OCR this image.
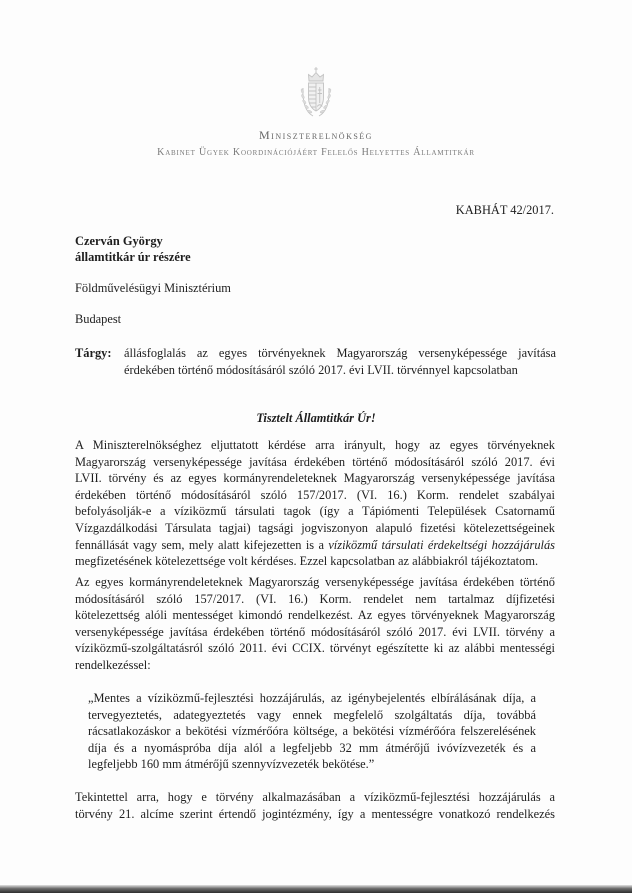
Miniszterelnökség
Kabinet Ügyek Koordinációjáért Felelős Helyettes Államtitkár
KABHÁT 42/2017.
Czerván György
államtitkár úr részére
Földművelésügyi Minisztérium
Budapest
Tárgy: állásfoglalás az egyes törvényeknek Magyarország versenyképessége javítása
érdekében történő módosításáról szóló 2017. évi LVII. törvénnyel kapcsolatban
Tisztelt Államtitkár Úr!
A Miniszterelnökséghez eljuttatott kérdése arra irányult, hogy az egyes törvényeknek
Magyarország versenyképessége javítása érdekében történő módosításáról szóló 2017. évi
LVII. törvény és az egyes kormányrendeleteknek Magyarország versenyképessége javítása
érdekében történő módosításáról szóló 157/2017. (VI. 16.) Korm. rendelet szabályai
befolyásolják-e a víziközmű társulati tagok (így a Tápiómenti Települések Csatornamű
Vízgazdálkodási Társulata tagjai) tagsági jogviszonyon alapuló fizetési kötelezettségeinek
fennállását vagy sem, mely alatt kifejezetten is a víziközmű társulati érdekeltségi hozzájárulás
megfizetésének kötelezettsége volt kérdéses. Ezzel kapcsolatban az alábbiakról tájékoztatom.
Az egyes kormányrendeleteknek Magyarország versenyképessége javítása érdekében történő
módosításáról szóló 157/2017. (VI. 16.) Korm. rendelet nem tartalmaz díjfizetési
kötelezettség alóli mentességet kimondó rendelkezést. Az egyes törvényeknek Magyarország
versenyképessége javítása érdekében történő módosításáról szóló 2017. évi LVII. törvény a
víziközmű-szolgáltatásról szóló 2011. évi CCIX. törvényt egészítette ki az alábbi mentességi
rendelkezéssel:
„Mentes a víziközmű-fejlesztési hozzájárulás, az igénybejelentés elbírálásának díja, a
tervegyeztetés, adategyeztetés vagy ennek megfelelő szolgáltatás díja, továbbá
rácsatlakozáskor a bekötési vízmérőóra költsége, a bekötési vízmérőóra felszerelésének
díja és a nyomáspróba díja alól a legfeljebb 32 mm átmérőjű ivóvízvezeték és a
legfeljebb 160 mm átmérőjű szennyvízvezeték bekötése.”
Tekintettel arra, hogy e törvény alkalmazásában a víziközmű-fejlesztési hozzájárulás a
törvény 21. alcíme szerint értendő jogintézmény, így a mentességre vonatkozó rendelkezés
